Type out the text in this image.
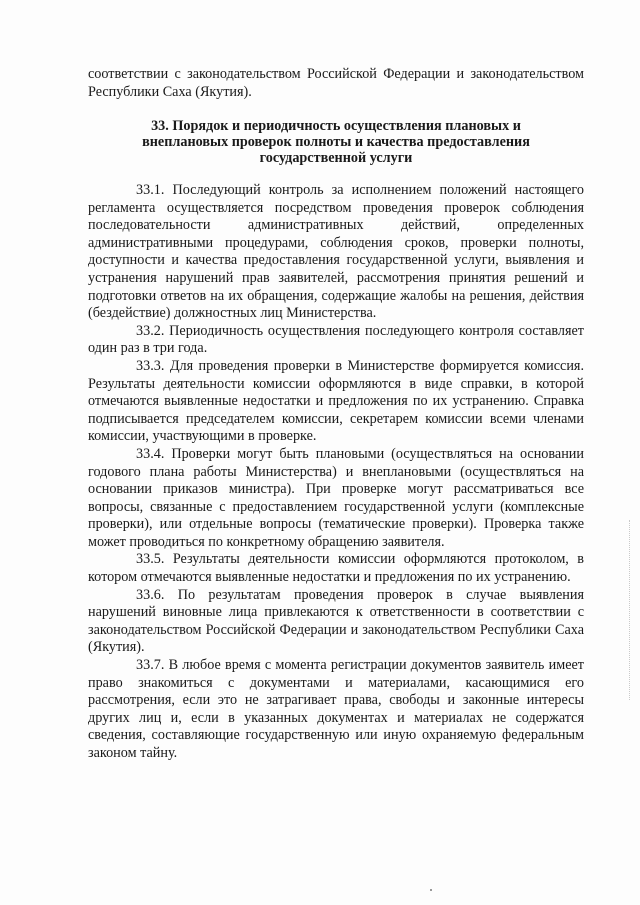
соответствии с законодательством Российской Федерации и законодательством Республики Саха (Якутия).

33. Порядок и периодичность осуществления плановых и внеплановых проверок полноты и качества предоставления государственной услуги

33.1. Последующий контроль за исполнением положений настоящего регламента осуществляется посредством проведения проверок соблюдения последовательности административных действий, определенных административными процедурами, соблюдения сроков, проверки полноты, доступности и качества предоставления государственной услуги, выявления и устранения нарушений прав заявителей, рассмотрения принятия решений и подготовки ответов на их обращения, содержащие жалобы на решения, действия (бездействие) должностных лиц Министерства.

33.2. Периодичность осуществления последующего контроля составляет один раз в три года.

33.3. Для проведения проверки в Министерстве формируется комиссия. Результаты деятельности комиссии оформляются в виде справки, в которой отмечаются выявленные недостатки и предложения по их устранению. Справка подписывается председателем комиссии, секретарем комиссии всеми членами комиссии, участвующими в проверке.

33.4. Проверки могут быть плановыми (осуществляться на основании годового плана работы Министерства) и внеплановыми (осуществляться на основании приказов министра). При проверке могут рассматриваться все вопросы, связанные с предоставлением государственной услуги (комплексные проверки), или отдельные вопросы (тематические проверки). Проверка также может проводиться по конкретному обращению заявителя.

33.5. Результаты деятельности комиссии оформляются протоколом, в котором отмечаются выявленные недостатки и предложения по их устранению.

33.6. По результатам проведения проверок в случае выявления нарушений виновные лица привлекаются к ответственности в соответствии с законодательством Российской Федерации и законодательством Республики Саха (Якутия).

33.7. В любое время с момента регистрации документов заявитель имеет право знакомиться с документами и материалами, касающимися его рассмотрения, если это не затрагивает права, свободы и законные интересы других лиц и, если в указанных документах и материалах не содержатся сведения, составляющие государственную или иную охраняемую федеральным законом тайну.
